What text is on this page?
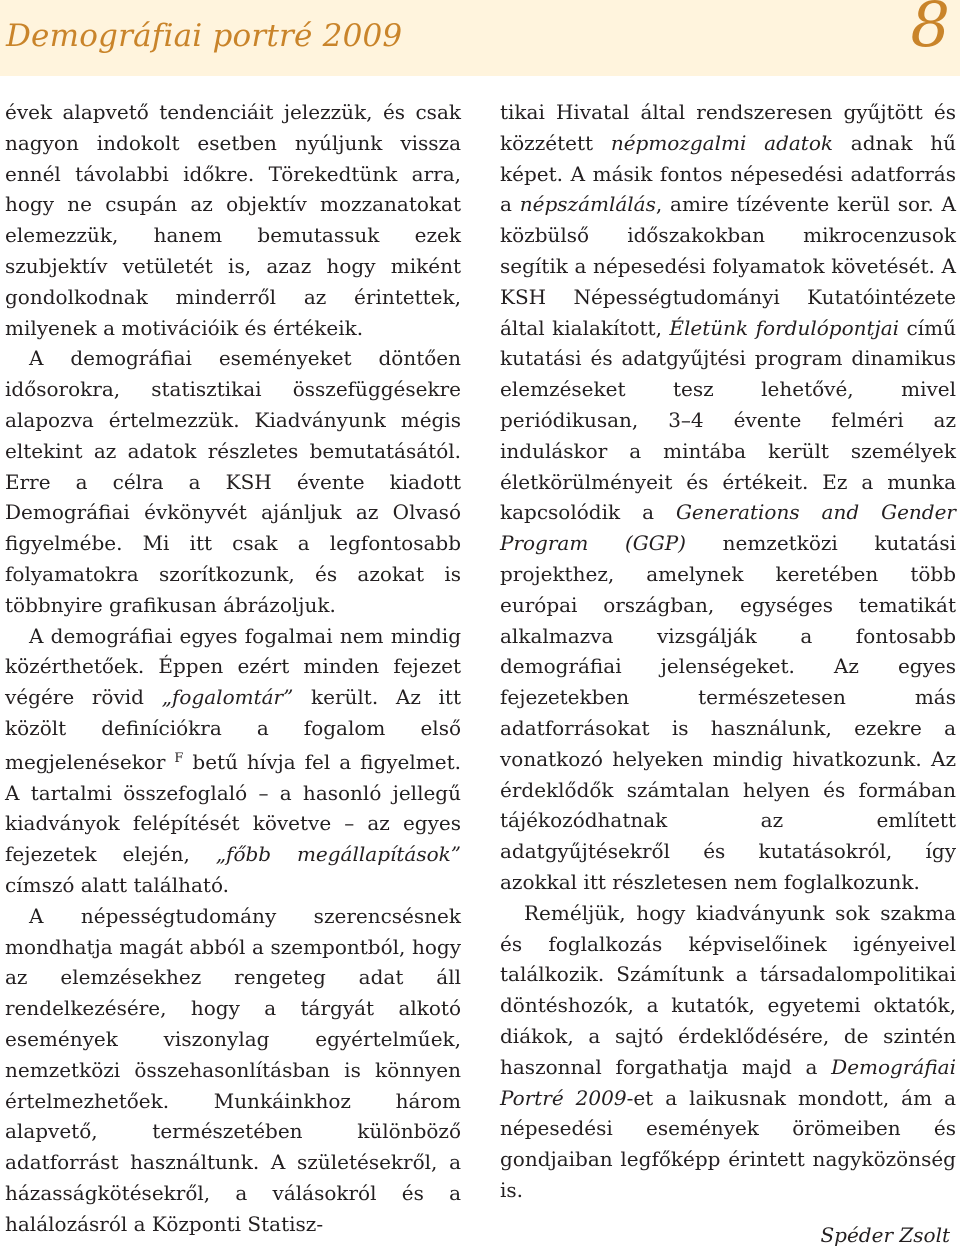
Demográfiai portré 2009	8

évek alapvető tendenciáit jelezzük, és csak nagyon indokolt esetben nyúljunk vissza ennél távolabbi időkre. Törekedtünk arra, hogy ne csupán az objektív mozzanatokat elemezzük, hanem bemutassuk ezek szubjektív vetületét is, azaz hogy miként gondolkodnak minderről az érintettek, milyenek a motivációik és értékeik.

A demográfiai eseményeket döntően idősorokra, statisztikai összefüggésekre alapozva értelmezzük. Kiadványunk mégis eltekint az adatok részletes bemutatásától. Erre a célra a KSH évente kiadott Demográfiai évkönyvét ajánljuk az Olvasó figyelmébe. Mi itt csak a legfontosabb folyamatokra szorítkozunk, és azokat is többnyire grafikusan ábrázoljuk.

A demográfiai egyes fogalmai nem mindig közérthetőek. Éppen ezért minden fejezet végére rövid „fogalomtár” került. Az itt közölt definíciókra a fogalom első megjelenésekor $^F$ betű hívja fel a figyelmet. A tartalmi összefoglaló – a hasonló jellegű kiadványok felépítését követve – az egyes fejezetek elején, „főbb megállapítások” címszó alatt található.

A népességtudomány szerencsésnek mondhatja magát abból a szempontból, hogy az elemzésekhez rengeteg adat áll rendelkezésére, hogy a tárgyát alkotó események viszonylag egyértelműek, nemzetközi összehasonlításban is könnyen értelmezhetőek. Munkáinkhoz három alapvető, természetében különböző adatforrást használtunk. A születésekről, a házasságkötésekről, a válásokról és a halálozásról a Központi Statisz-

tikai Hivatal által rendszeresen gyűjtött és közzétett népmozgalmi adatok adnak hű képet. A másik fontos népesedési adatforrás a népszámlálás, amire tízévente kerül sor. A közbülső időszakokban mikrocenzusok segítik a népesedési folyamatok követését. A KSH Népességtudományi Kutatóintézete által kialakított, Életünk fordulópontjai című kutatási és adatgyűjtési program dinamikus elemzéseket tesz lehetővé, mivel periódikusan, 3–4 évente felméri az induláskor a mintába került személyek életkörülményeit és értékeit. Ez a munka kapcsolódik a Generations and Gender Program (GGP) nemzetközi kutatási projekthez, amelynek keretében több európai országban, egységes tematikát alkalmazva vizsgálják a fontosabb demográfiai jelenségeket. Az egyes fejezetekben természetesen más adatforrásokat is használunk, ezekre a vonatkozó helyeken mindig hivatkozunk. Az érdeklődők számtalan helyen és formában tájékozódhatnak az említett adatgyűjtésekről és kutatásokról, így azokkal itt részletesen nem foglalkozunk.

Reméljük, hogy kiadványunk sok szakma és foglalkozás képviselőinek igényeivel találkozik. Számítunk a társadalompolitikai döntéshozók, a kutatók, egyetemi oktatók, diákok, a sajtó érdeklődésére, de szintén haszonnal forgathatja majd a Demográfiai Portré 2009-et a laikusnak mondott, ám a népesedési események örömeiben és gondjaiban legfőképp érintett nagyközönség is.

Spéder Zsolt
